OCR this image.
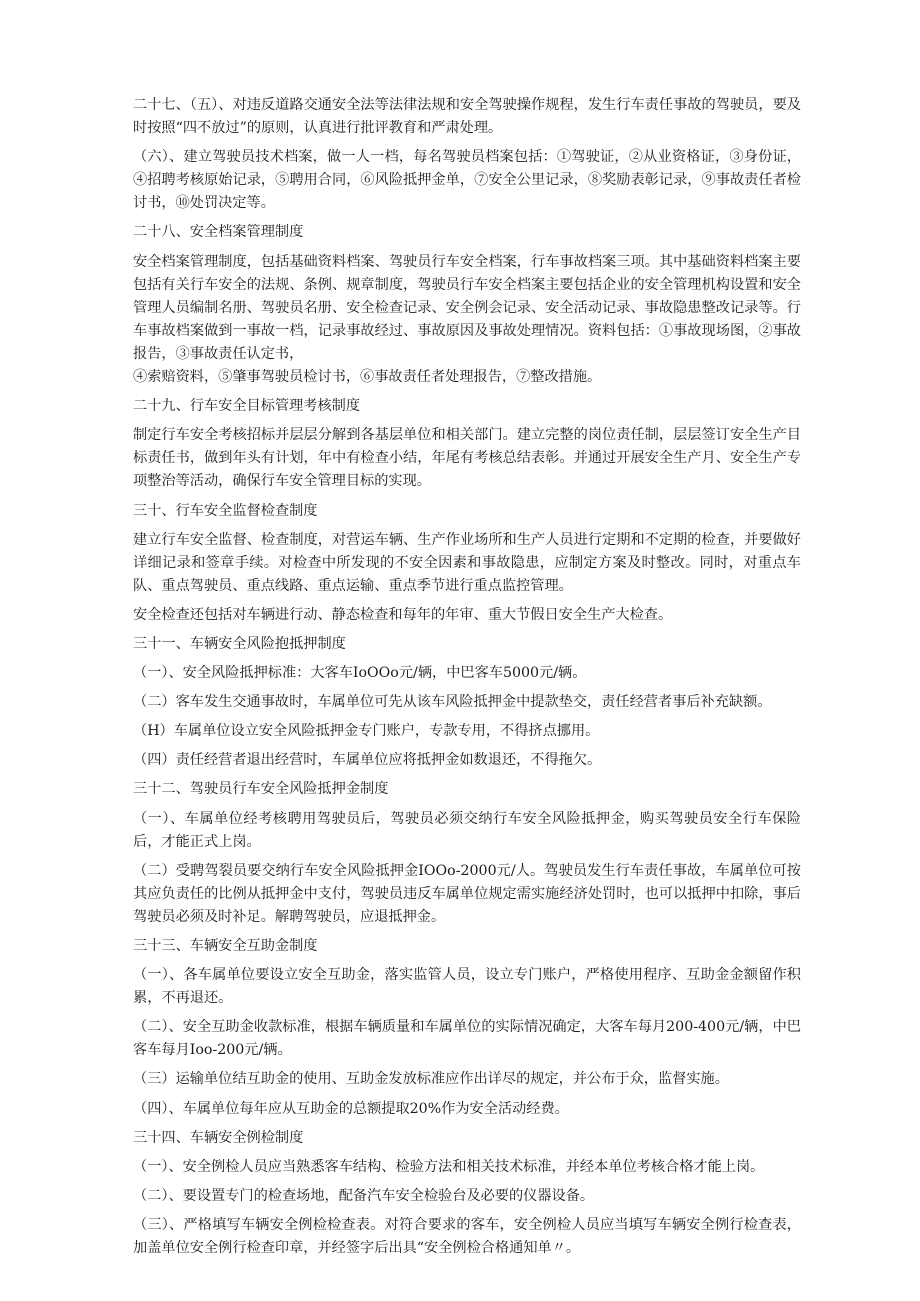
二十七、（五）、对违反道路交通安全法等法律法规和安全驾驶操作规程，发生行车责任事故的驾驶员，要及时按照“四不放过”的原则，认真进行批评教育和严肃处理。

（六）、建立驾驶员技术档案，做一人一档，每名驾驶员档案包括：①驾驶证，②从业资格证，③身份证，④招聘考核原始记录，⑤聘用合同，⑥风险抵押金单，⑦安全公里记录，⑧奖励表彰记录，⑨事故责任者检讨书，⑩处罚决定等。

二十八、安全档案管理制度

安全档案管理制度，包括基础资料档案、驾驶员行车安全档案，行车事故档案三项。其中基础资料档案主要包括有关行车安全的法规、条例、规章制度，驾驶员行车安全档案主要包括企业的安全管理机构设置和安全管理人员编制名册、驾驶员名册、安全检查记录、安全例会记录、安全活动记录、事故隐患整改记录等。行车事故档案做到一事故一档，记录事故经过、事故原因及事故处理情况。资料包括：①事故现场图，②事故报告，③事故责任认定书，

④索赔资料，⑤肇事驾驶员检讨书，⑥事故责任者处理报告，⑦整改措施。

二十九、行车安全目标管理考核制度

制定行车安全考核招标并层层分解到各基层单位和相关部门。建立完整的岗位责任制，层层签订安全生产目标责任书，做到年头有计划，年中有检查小结，年尾有考核总结表彰。并通过开展安全生产月、安全生产专项整治等活动，确保行车安全管理目标的实现。

三十、行车安全监督检查制度

建立行车安全监督、检查制度，对营运车辆、生产作业场所和生产人员进行定期和不定期的检查，并要做好详细记录和签章手续。对检查中所发现的不安全因素和事故隐患，应制定方案及时整改。同时，对重点车队、重点驾驶员、重点线路、重点运输、重点季节进行重点监控管理。

安全检查还包括对车辆进行动、静态检查和每年的年审、重大节假日安全生产大检查。

三十一、车辆安全风险抱抵押制度

（一）、安全风险抵押标准：大客车IoOOo元/辆，中巴客车5000元/辆。

（二）客车发生交通事故时，车属单位可先从该车风险抵押金中提款垫交，责任经营者事后补充缺额。

（H）车属单位设立安全风险抵押金专门账户，专款专用，不得挤点挪用。

（四）责任经营者退出经营时，车属单位应将抵押金如数退还，不得拖欠。

三十二、驾驶员行车安全风险抵押金制度

（一）、车属单位经考核聘用驾驶员后，驾驶员必须交纳行车安全风险抵押金，购买驾驶员安全行车保险后，才能正式上岗。

（二）受聘驾裂员要交纳行车安全风险抵押金IOOo-2000元/人。驾驶员发生行车责任事故，车属单位可按其应负责任的比例从抵押金中支付，驾驶员违反车属单位规定需实施经济处罚时，也可以抵押中扣除，事后驾驶员必须及时补足。解聘驾驶员，应退抵押金。

三十三、车辆安全互助金制度

（一）、各车属单位要设立安全互助金，落实监管人员，设立专门账户，严格使用程序、互助金金额留作积累，不再退还。

（二）、安全互助金收款标准，根据车辆质量和车属单位的实际情况确定，大客车每月200-400元/辆，中巴客车每月Ioo-200元/辆。

（三）运输单位结互助金的使用、互助金发放标准应作出详尽的规定，并公布于众，监督实施。

（四）、车属单位每年应从互助金的总额提取20%作为安全活动经费。

三十四、车辆安全例检制度

（一）、安全例检人员应当熟悉客车结构、检验方法和相关技术标准，并经本单位考核合格才能上岗。

（二）、要设置专门的检查场地，配备汽车安全检验台及必要的仪器设备。

（三）、严格填写车辆安全例检检查表。对符合要求的客车，安全例检人员应当填写车辆安全例行检查表，加盖单位安全例行检查印章，并经签字后出具“安全例检合格通知单〃。
